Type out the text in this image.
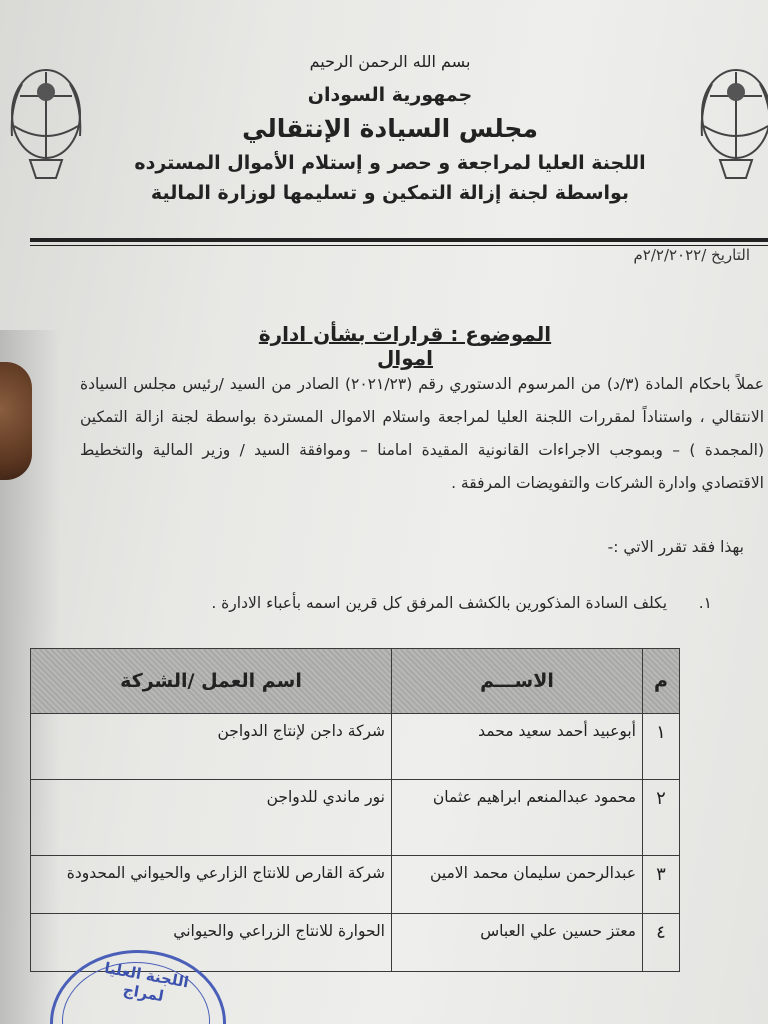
بسم الله الرحمن الرحيم
جمهورية السودان
مجلس السيادة الإنتقالي
اللجنة العليا لمراجعة و حصر و إستلام الأموال المسترده
بواسطة لجنة إزالة التمكين و تسليمها لوزارة المالية
التاريخ /٢/٢/٢٠٢٢م
الموضوع : قرارات بشأن ادارة اموال
عملاً باحكام المادة (٣/د) من المرسوم الدستوري رقم (٢٠٢١/٢٣) الصادر من السيد /رئيس مجلس السيادة الانتقالي ، واستناداً لمقررات اللجنة العليا لمراجعة واستلام الاموال المستردة بواسطة لجنة ازالة التمكين (المجمدة ) – وبموجب الاجراءات القانونية المقيدة امامنا – وموافقة السيد / وزير المالية والتخطيط الاقتصادي وادارة الشركات والتفويضات المرفقة .
بهذا فقد تقرر الاتي :-
١. يكلف السادة المذكورين بالكشف المرفق كل قرين اسمه بأعباء الادارة .
م	الاســـم	اسم العمل /الشركة
١	أبوعبيد أحمد سعيد محمد	شركة داجن لإنتاج الدواجن
٢	محمود عبدالمنعم ابراهيم عثمان	نور ماندي للدواجن
٣	عبدالرحمن سليمان محمد الامين	شركة القارص للانتاج الزارعي والحيواني المحدودة
٤	معتز حسين علي العباس	الحوارة للانتاج الزراعي والحيواني
اللجنة العليا لمراج
